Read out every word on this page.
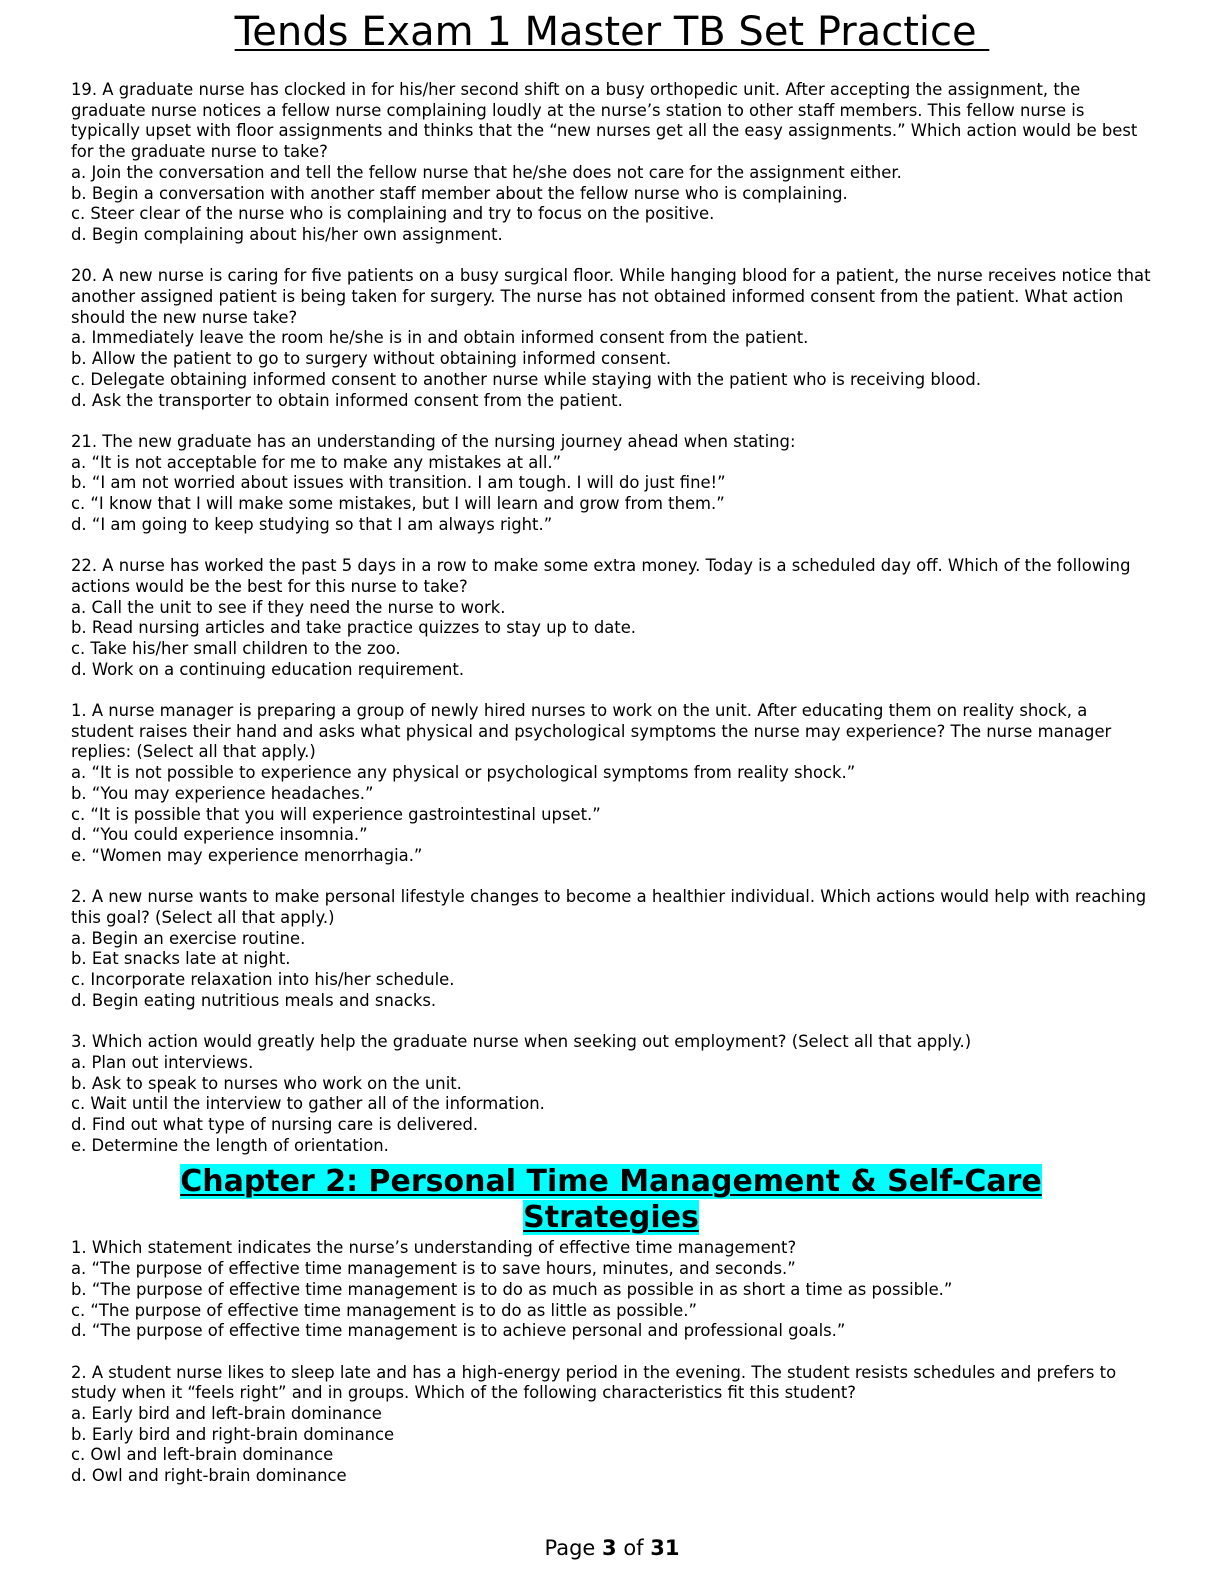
Tends Exam 1 Master TB Set Practice

19. A graduate nurse has clocked in for his/her second shift on a busy orthopedic unit. After accepting the assignment, the graduate nurse notices a fellow nurse complaining loudly at the nurse’s station to other staff members. This fellow nurse is typically upset with floor assignments and thinks that the “new nurses get all the easy assignments.” Which action would be best for the graduate nurse to take?

a. Join the conversation and tell the fellow nurse that he/she does not care for the assignment either.

b. Begin a conversation with another staff member about the fellow nurse who is complaining.

c. Steer clear of the nurse who is complaining and try to focus on the positive.

d. Begin complaining about his/her own assignment.

20. A new nurse is caring for five patients on a busy surgical floor. While hanging blood for a patient, the nurse receives notice that another assigned patient is being taken for surgery. The nurse has not obtained informed consent from the patient. What action should the new nurse take?

a. Immediately leave the room he/she is in and obtain informed consent from the patient.

b. Allow the patient to go to surgery without obtaining informed consent.

c. Delegate obtaining informed consent to another nurse while staying with the patient who is receiving blood.

d. Ask the transporter to obtain informed consent from the patient.

21. The new graduate has an understanding of the nursing journey ahead when stating:

a. “It is not acceptable for me to make any mistakes at all.”

b. “I am not worried about issues with transition. I am tough. I will do just fine!”

c. “I know that I will make some mistakes, but I will learn and grow from them.”

d. “I am going to keep studying so that I am always right.”

22. A nurse has worked the past 5 days in a row to make some extra money. Today is a scheduled day off. Which of the following actions would be the best for this nurse to take?

a. Call the unit to see if they need the nurse to work.

b. Read nursing articles and take practice quizzes to stay up to date.

c. Take his/her small children to the zoo.

d. Work on a continuing education requirement.

1. A nurse manager is preparing a group of newly hired nurses to work on the unit. After educating them on reality shock, a student raises their hand and asks what physical and psychological symptoms the nurse may experience? The nurse manager replies: (Select all that apply.)

a. “It is not possible to experience any physical or psychological symptoms from reality shock.”

b. “You may experience headaches.”

c. “It is possible that you will experience gastrointestinal upset.”

d. “You could experience insomnia.”

e. “Women may experience menorrhagia.”

2. A new nurse wants to make personal lifestyle changes to become a healthier individual. Which actions would help with reaching this goal? (Select all that apply.)

a. Begin an exercise routine.

b. Eat snacks late at night.

c. Incorporate relaxation into his/her schedule.

d. Begin eating nutritious meals and snacks.

3. Which action would greatly help the graduate nurse when seeking out employment? (Select all that apply.)

a. Plan out interviews.

b. Ask to speak to nurses who work on the unit.

c. Wait until the interview to gather all of the information.

d. Find out what type of nursing care is delivered.

e. Determine the length of orientation.

Chapter 2: Personal Time Management & Self-Care
Strategies

1. Which statement indicates the nurse’s understanding of effective time management?

a. “The purpose of effective time management is to save hours, minutes, and seconds.”

b. “The purpose of effective time management is to do as much as possible in as short a time as possible.”

c. “The purpose of effective time management is to do as little as possible.”

d. “The purpose of effective time management is to achieve personal and professional goals.”

2. A student nurse likes to sleep late and has a high-energy period in the evening. The student resists schedules and prefers to study when it “feels right” and in groups. Which of the following characteristics fit this student?

a. Early bird and left-brain dominance

b. Early bird and right-brain dominance

c. Owl and left-brain dominance

d. Owl and right-brain dominance

Page 3 of 31
